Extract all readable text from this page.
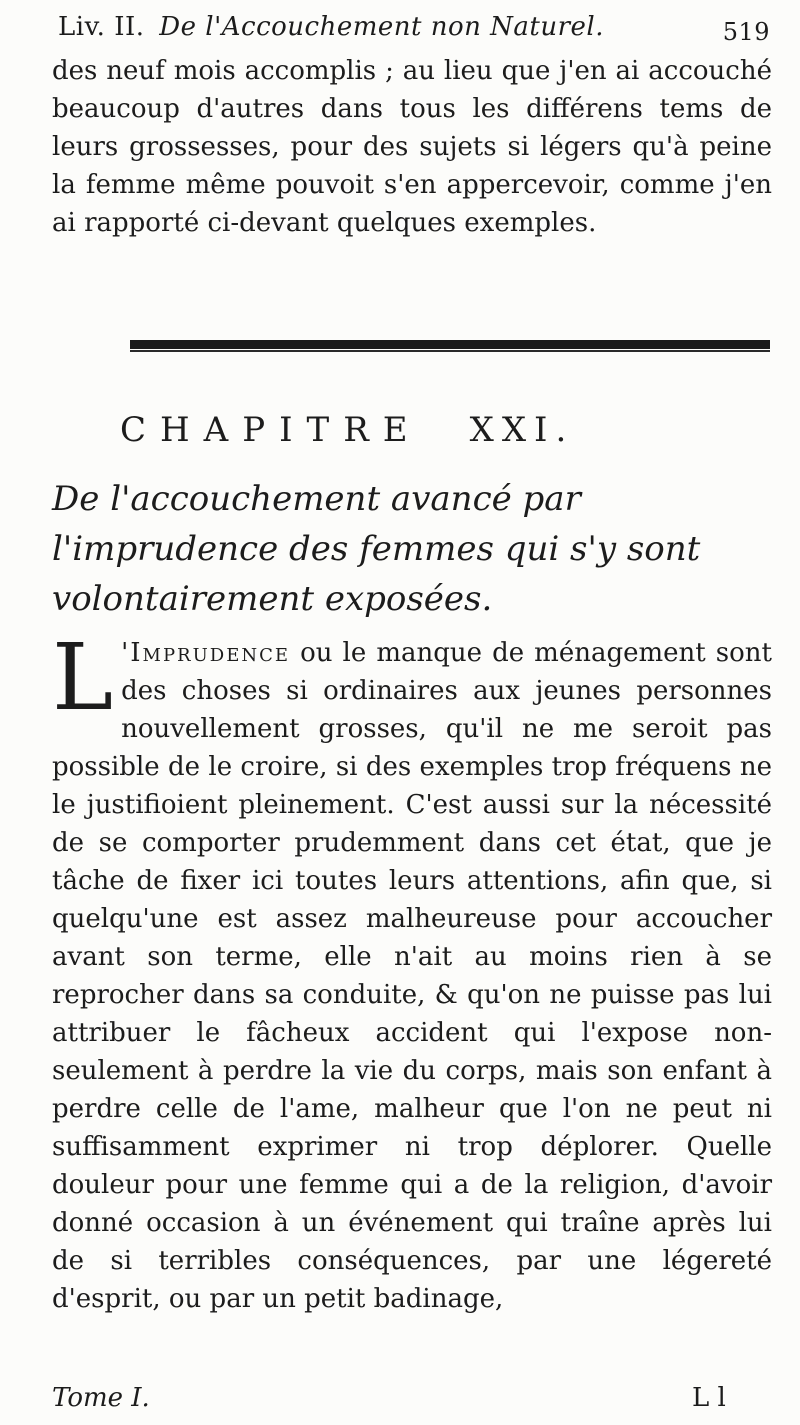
Liv. II. De l'Accouchement non Naturel.	519
des neuf mois accomplis ; au lieu que j'en ai accouché beaucoup d'autres dans tous les différens tems de leurs grossesses, pour des sujets si légers qu'à peine la femme même pouvoit s'en appercevoir, comme j'en ai rapporté ci-devant quelques exemples.
CHAPITRE XXI.
De l'accouchement avancé par l'imprudence des femmes qui s'y sont volontairement exposées.
L 'Imprudence ou le manque de ménagement sont des choses si ordinaires aux jeunes personnes nouvellement grosses, qu'il ne me seroit pas possible de le croire, si des exemples trop fréquens ne le justifioient pleinement. C'est aussi sur la nécessité de se comporter prudemment dans cet état, que je tâche de fixer ici toutes leurs attentions, afin que, si quelqu'une est assez malheureuse pour accoucher avant son terme, elle n'ait au moins rien à se reprocher dans sa conduite, & qu'on ne puisse pas lui attribuer le fâcheux accident qui l'expose non-seulement à perdre la vie du corps, mais son enfant à perdre celle de l'ame, malheur que l'on ne peut ni suffisamment exprimer ni trop déplorer. Quelle douleur pour une femme qui a de la religion, d'avoir donné occasion à un événement qui traîne après lui de si terribles conséquences, par une légereté d'esprit, ou par un petit badinage,
Tome I.	L l
